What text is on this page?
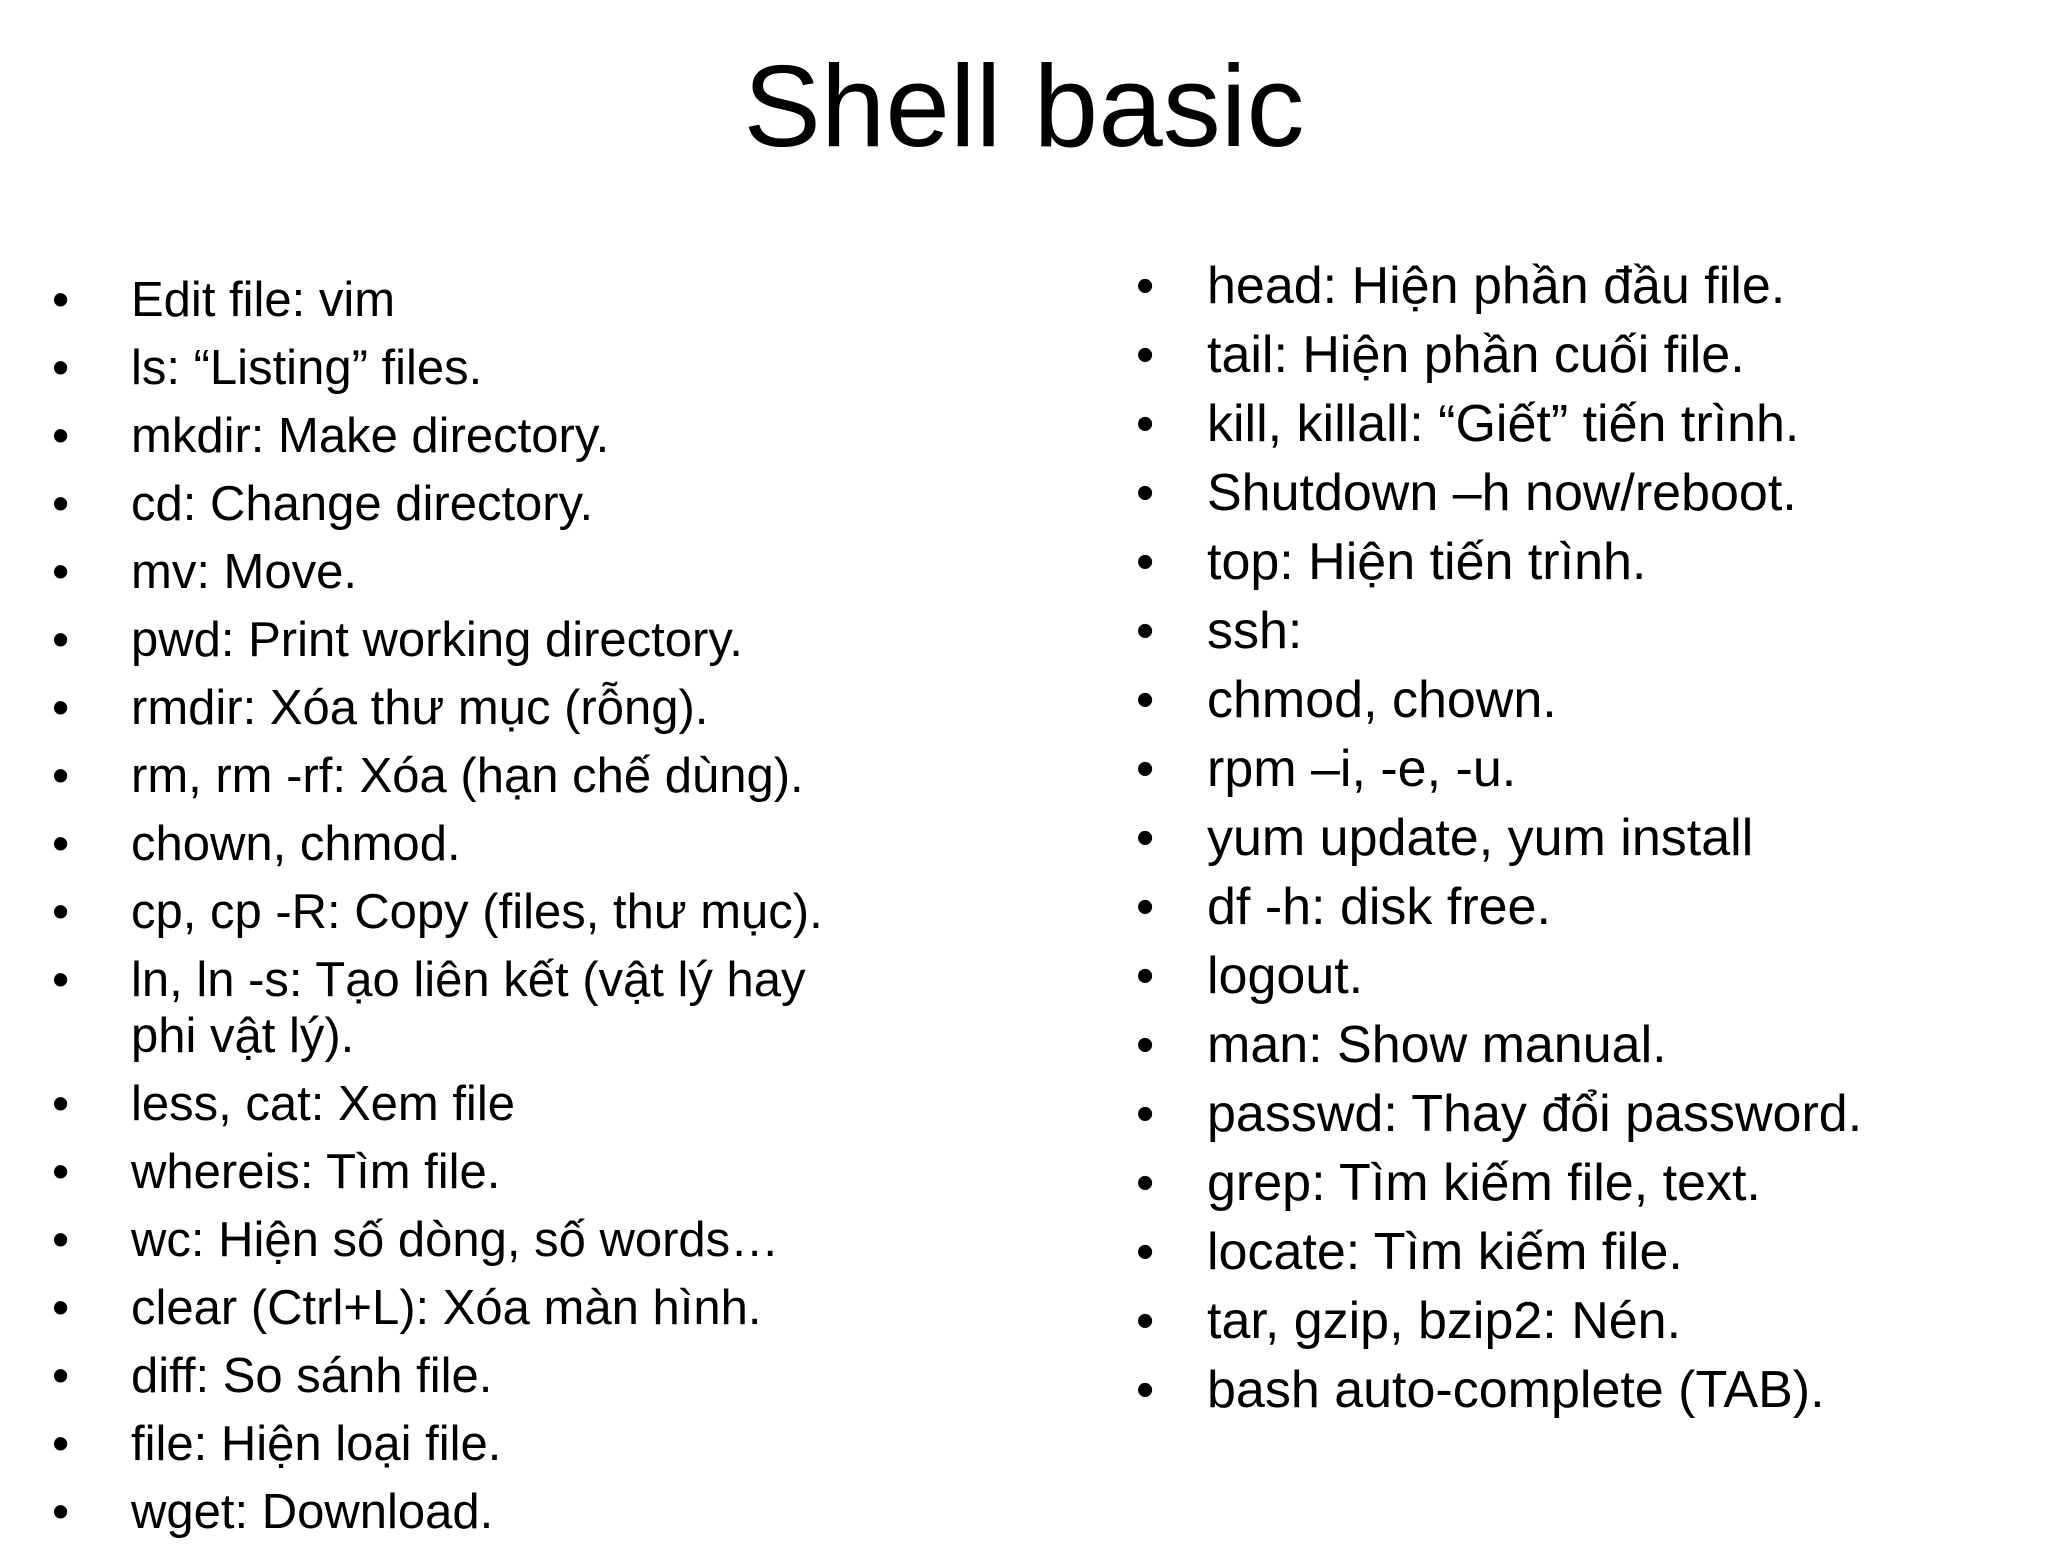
Shell basic
• Edit file: vim
• ls: “Listing” files.
• mkdir: Make directory.
• cd: Change directory.
• mv: Move.
• pwd: Print working directory.
• rmdir: Xóa thư mục (rỗng).
• rm, rm -rf: Xóa (hạn chế dùng).
• chown, chmod.
• cp, cp -R: Copy (files, thư mục).
• ln, ln -s: Tạo liên kết (vật lý hay phi vật lý).
• less, cat: Xem file
• whereis: Tìm file.
• wc: Hiện số dòng, số words…
• clear (Ctrl+L): Xóa màn hình.
• diff: So sánh file.
• file: Hiện loại file.
• wget: Download.
• head: Hiện phần đầu file.
• tail: Hiện phần cuối file.
• kill, killall: “Giết” tiến trình.
• Shutdown –h now/reboot.
• top: Hiện tiến trình.
• ssh:
• chmod, chown.
• rpm –i, -e, -u.
• yum update, yum install
• df -h: disk free.
• logout.
• man: Show manual.
• passwd: Thay đổi password.
• grep: Tìm kiếm file, text.
• locate: Tìm kiếm file.
• tar, gzip, bzip2: Nén.
• bash auto-complete (TAB).
